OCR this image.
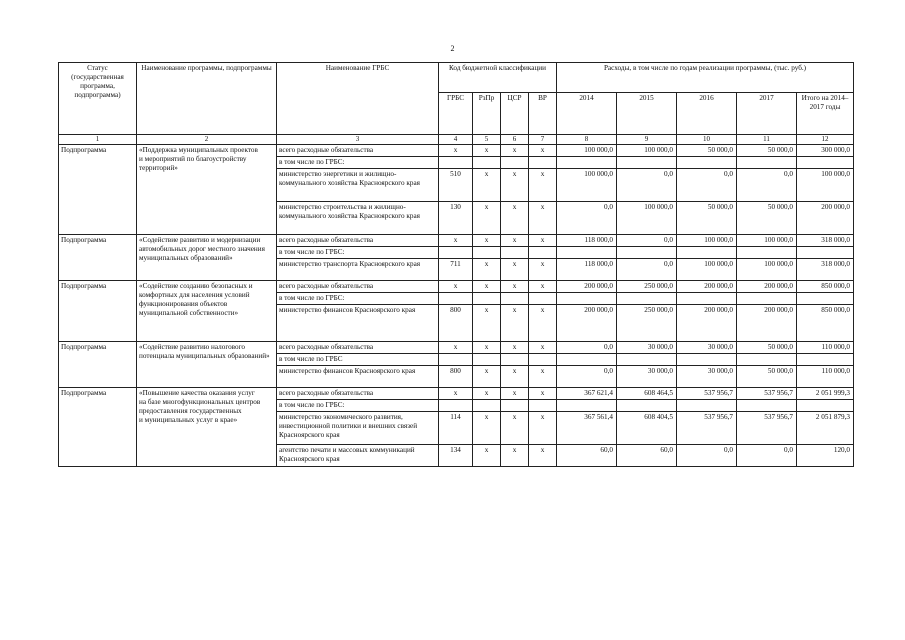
2
Статус (государственная программа, подпрограмма)	Наименование программы, подпрограммы	Наименование ГРБС	Код бюджетной классификации				Расходы, в том числе по годам реализации программы, (тыс. руб.)				
			ГРБС	РзПр	ЦСР	ВР	2014	2015	2016	2017	Итого на 2014–2017 годы
1	2	3	4	5	6	7	8	9	10	11	12
Подпрограмма	«Поддержка муниципальных проектов
и мероприятий по благоустройству территорий»	всего расходные обязательства	x	x	x	x	100 000,0	100 000,0	50 000,0	50 000,0	300 000,0
		в том числе по ГРБС:									
		министерство энергетики и жилищно-коммунального хозяйства Красноярского края	510	x	x	x	100 000,0	0,0	0,0	0,0	100 000,0
		министерство строительства и жилищно-коммунального хозяйства Красноярского края	130	x	x	x	0,0	100 000,0	50 000,0	50 000,0	200 000,0
Подпрограмма	«Содействие развитию и модернизации автомобильных дорог местного значения муниципальных образований»	всего расходные обязательства	x	x	x	x	118 000,0	0,0	100 000,0	100 000,0	318 000,0
		в том числе по ГРБС:									
		министерство транспорта Красноярского края	711	x	x	x	118 000,0	0,0	100 000,0	100 000,0	318 000,0
Подпрограмма	«Содействие созданию безопасных и комфортных для населения условий функционирования объектов муниципальной собственности»	всего расходные обязательства	x	x	x	x	200 000,0	250 000,0	200 000,0	200 000,0	850 000,0
		в том числе по ГРБС:									
		министерство финансов Красноярского края	800	x	x	x	200 000,0	250 000,0	200 000,0	200 000,0	850 000,0
Подпрограмма	«Содействие развитию налогового потенциала муниципальных образований»	всего расходные обязательства	x	x	x	x	0,0	30 000,0	30 000,0	50 000,0	110 000,0
		в том числе по ГРБС									
		министерство финансов Красноярского края	800	x	x	x	0,0	30 000,0	30 000,0	50 000,0	110 000,0
Подпрограмма	«Повышение качества оказания услуг
на базе многофункциональных центров предоставления государственных
и муниципальных услуг в крае»	всего расходные обязательства	x	x	x	x	367 621,4	608 464,5	537 956,7	537 956,7	2 051 999,3
		в том числе по ГРБС:									
		министерство экономического развития, инвестиционной политики и внешних связей Красноярского края	114	x	x	x	367 561,4	608 404,5	537 956,7	537 956,7	2 051 879,3
		агентство печати и массовых коммуникаций Красноярского края	134	x	x	x	60,0	60,0	0,0	0,0	120,0
